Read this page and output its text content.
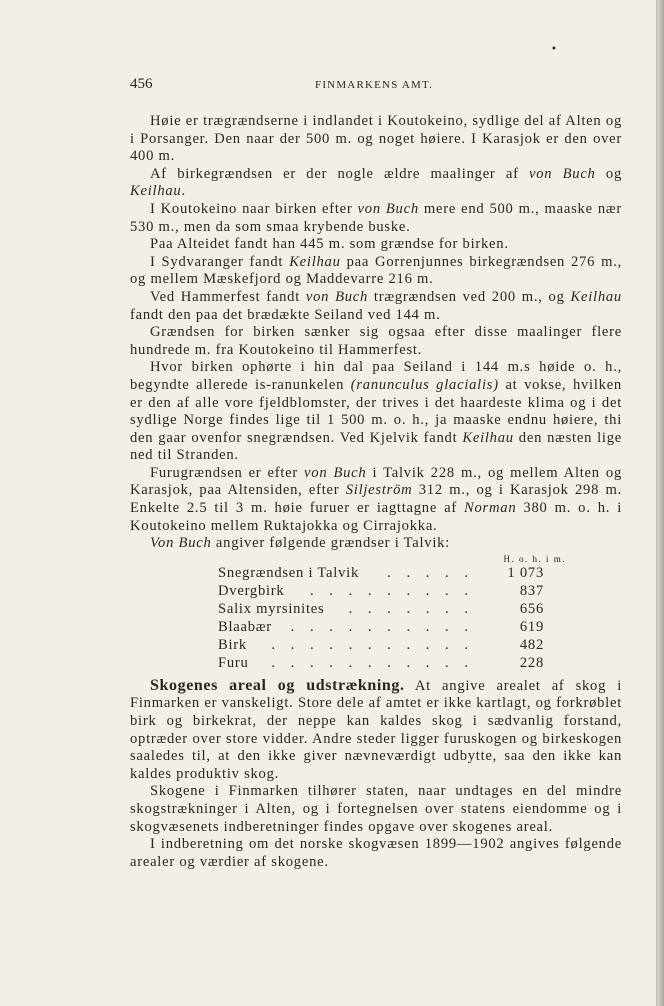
•
456	FINMARKENS AMT.

Høie er trægrændserne i indlandet i Koutokeino, sydlige del af Alten og i Porsanger. Den naar der 500 m. og noget høiere. I Karasjok er den over 400 m.

Af birkegrændsen er der nogle ældre maalinger af von Buch og Keilhau.

I Koutokeino naar birken efter von Buch mere end 500 m., maaske nær 530 m., men da som smaa krybende buske.

Paa Alteidet fandt han 445 m. som grændse for birken.

I Sydvaranger fandt Keilhau paa Gorrenjunnes birkegrændsen 276 m., og mellem Mæskefjord og Maddevarre 216 m.

Ved Hammerfest fandt von Buch trægrændsen ved 200 m., og Keilhau fandt den paa det brædækte Seiland ved 144 m.

Grændsen for birken sænker sig ogsaa efter disse maalinger flere hundrede m. fra Koutokeino til Hammerfest.

Hvor birken ophørte i hin dal paa Seiland i 144 m.s høide o. h., begyndte allerede is-ranunkelen (ranunculus glacialis) at vokse, hvilken er den af alle vore fjeldblomster, der trives i det haardeste klima og i det sydlige Norge findes lige til 1 500 m. o. h., ja maaske endnu høiere, thi den gaar ovenfor snegrændsen. Ved Kjelvik fandt Keilhau den næsten lige ned til Stranden.

Furugrændsen er efter von Buch i Talvik 228 m., og mellem Alten og Karasjok, paa Altensiden, efter Siljeström 312 m., og i Karasjok 298 m. Enkelte 2.5 til 3 m. høie furuer er iagttagne af Norman 380 m. o. h. i Koutokeino mellem Ruktajokka og Cirrajokka.

Von Buch angiver følgende grændser i Talvik:

H. o. h. i m.
Snegrændsen i Talvik . . . . . 1 073
Dvergbirk . . . . . . . . .	837
Salix myrsinites . . . . . . .	656
Blaabær . . . . . . . . . .	619
Birk . . . . . . . . . . .	482
Furu . . . . . . . . . . .	228

Skogenes areal og udstrækning. At angive arealet af skog i Finmarken er vanskeligt. Store dele af amtet er ikke kartlagt, og forkrøblet birk og birkekrat, der neppe kan kaldes skog i sædvanlig forstand, optræder over store vidder. Andre steder ligger furuskogen og birkeskogen saaledes til, at den ikke giver nævneværdigt udbytte, saa den ikke kan kaldes produktiv skog.

Skogene i Finmarken tilhører staten, naar undtages en del mindre skogstrækninger i Alten, og i fortegnelsen over statens eiendomme og i skogvæsenets indberetninger findes opgave over skogenes areal.

I indberetning om det norske skogvæsen 1899—1902 angives følgende arealer og værdier af skogene.
